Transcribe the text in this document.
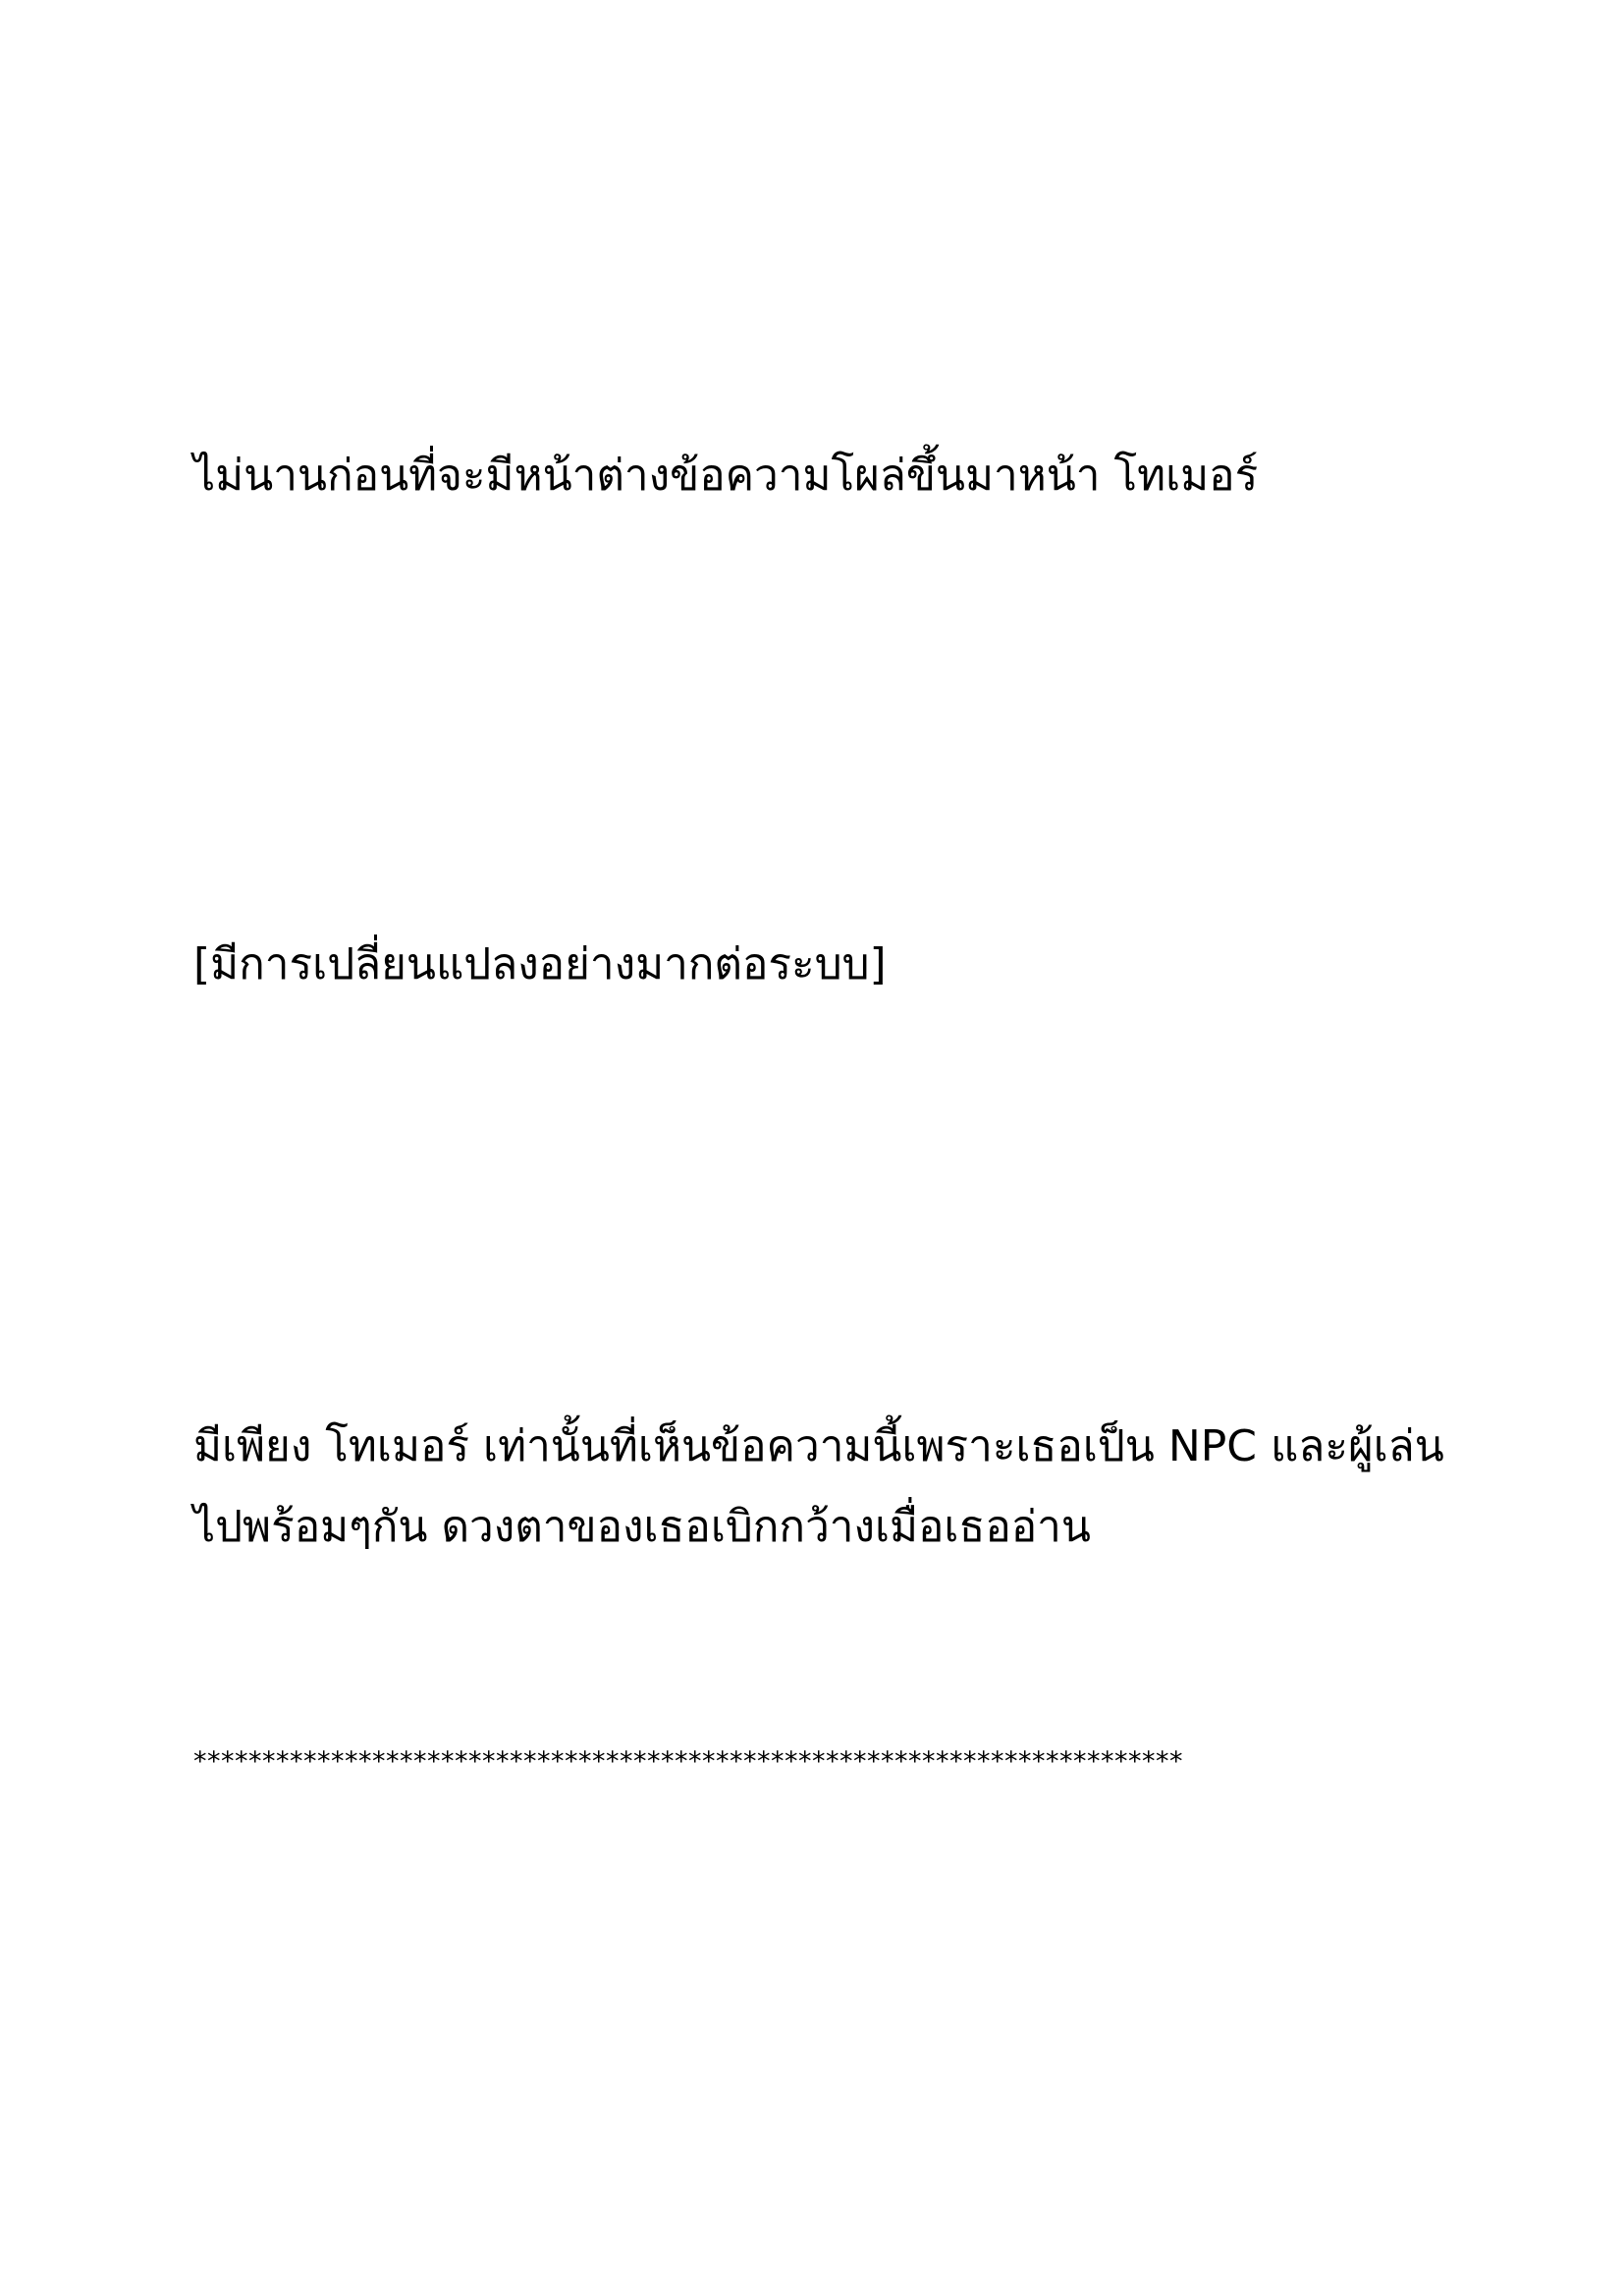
ไม่นานก่อนที่จะมีหน้าต่างข้อความโผล่ขึ้นมาหน้า โทเมอร์

[มีการเปลี่ยนแปลงอย่างมากต่อระบบ]

มีเพียง โทเมอร์ เท่านั้นที่เห็นข้อความนี้เพราะเธอเป็น NPC และผู้เล่น

ไปพร้อมๆกัน ดวงตาของเธอเบิกกว้างเมื่อเธออ่าน

************************************************************************
